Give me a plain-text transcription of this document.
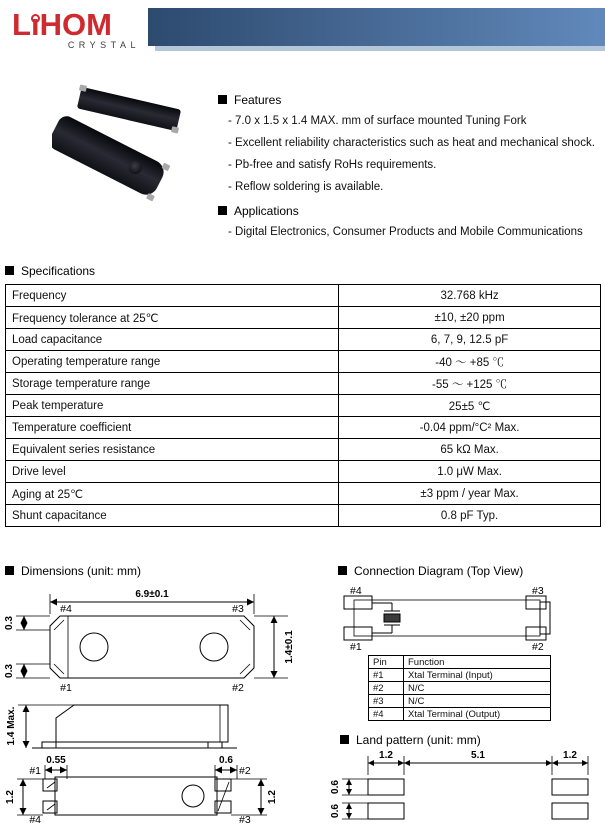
Lı
HOM
CRYSTAL

Tuning Fork 7.0×1.5×1.4mm ,  BTX-70

Features
- 7.0 x 1.5 x 1.4 MAX. mm of surface mounted Tuning Fork
- Excellent reliability characteristics such as heat and mechanical shock.
- Pb-free and satisfy RoHs requirements.
- Reflow soldering is available.
Applications
- Digital Electronics, Consumer Products and Mobile Communications
Specifications
Frequency	32.768 kHz
Frequency tolerance at 25℃	±10, ±20 ppm
Load capacitance	6, 7, 9, 12.5 pF
Operating temperature range	-40 ～ +85 ℃
Storage temperature range	-55 ～ +125 ℃
Peak temperature	25±5 ℃
Temperature coefficient	-0.04 ppm/°C² Max.
Equivalent series resistance	65 kΩ Max.
Drive level	1.0 μW Max.
Aging at 25℃	±3 ppm / year Max.
Shunt capacitance	0.8 pF Typ.
Dimensions (unit: mm)
6.9±0.1
#4	#3
#1	#2
0.3
0.3
1.4±0.1
1.4 Max.
0.55	0.6
#1	#2
#4	#3
1.2	1.2
Connection Diagram (Top View)
#4	#3
#1	#2
Pin	Function
#1	Xtal Terminal (Input)
#2	N/C
#3	N/C
#4	Xtal Terminal (Output)
Land pattern (unit: mm)
1.2	5.1	1.2
0.6
0.6
